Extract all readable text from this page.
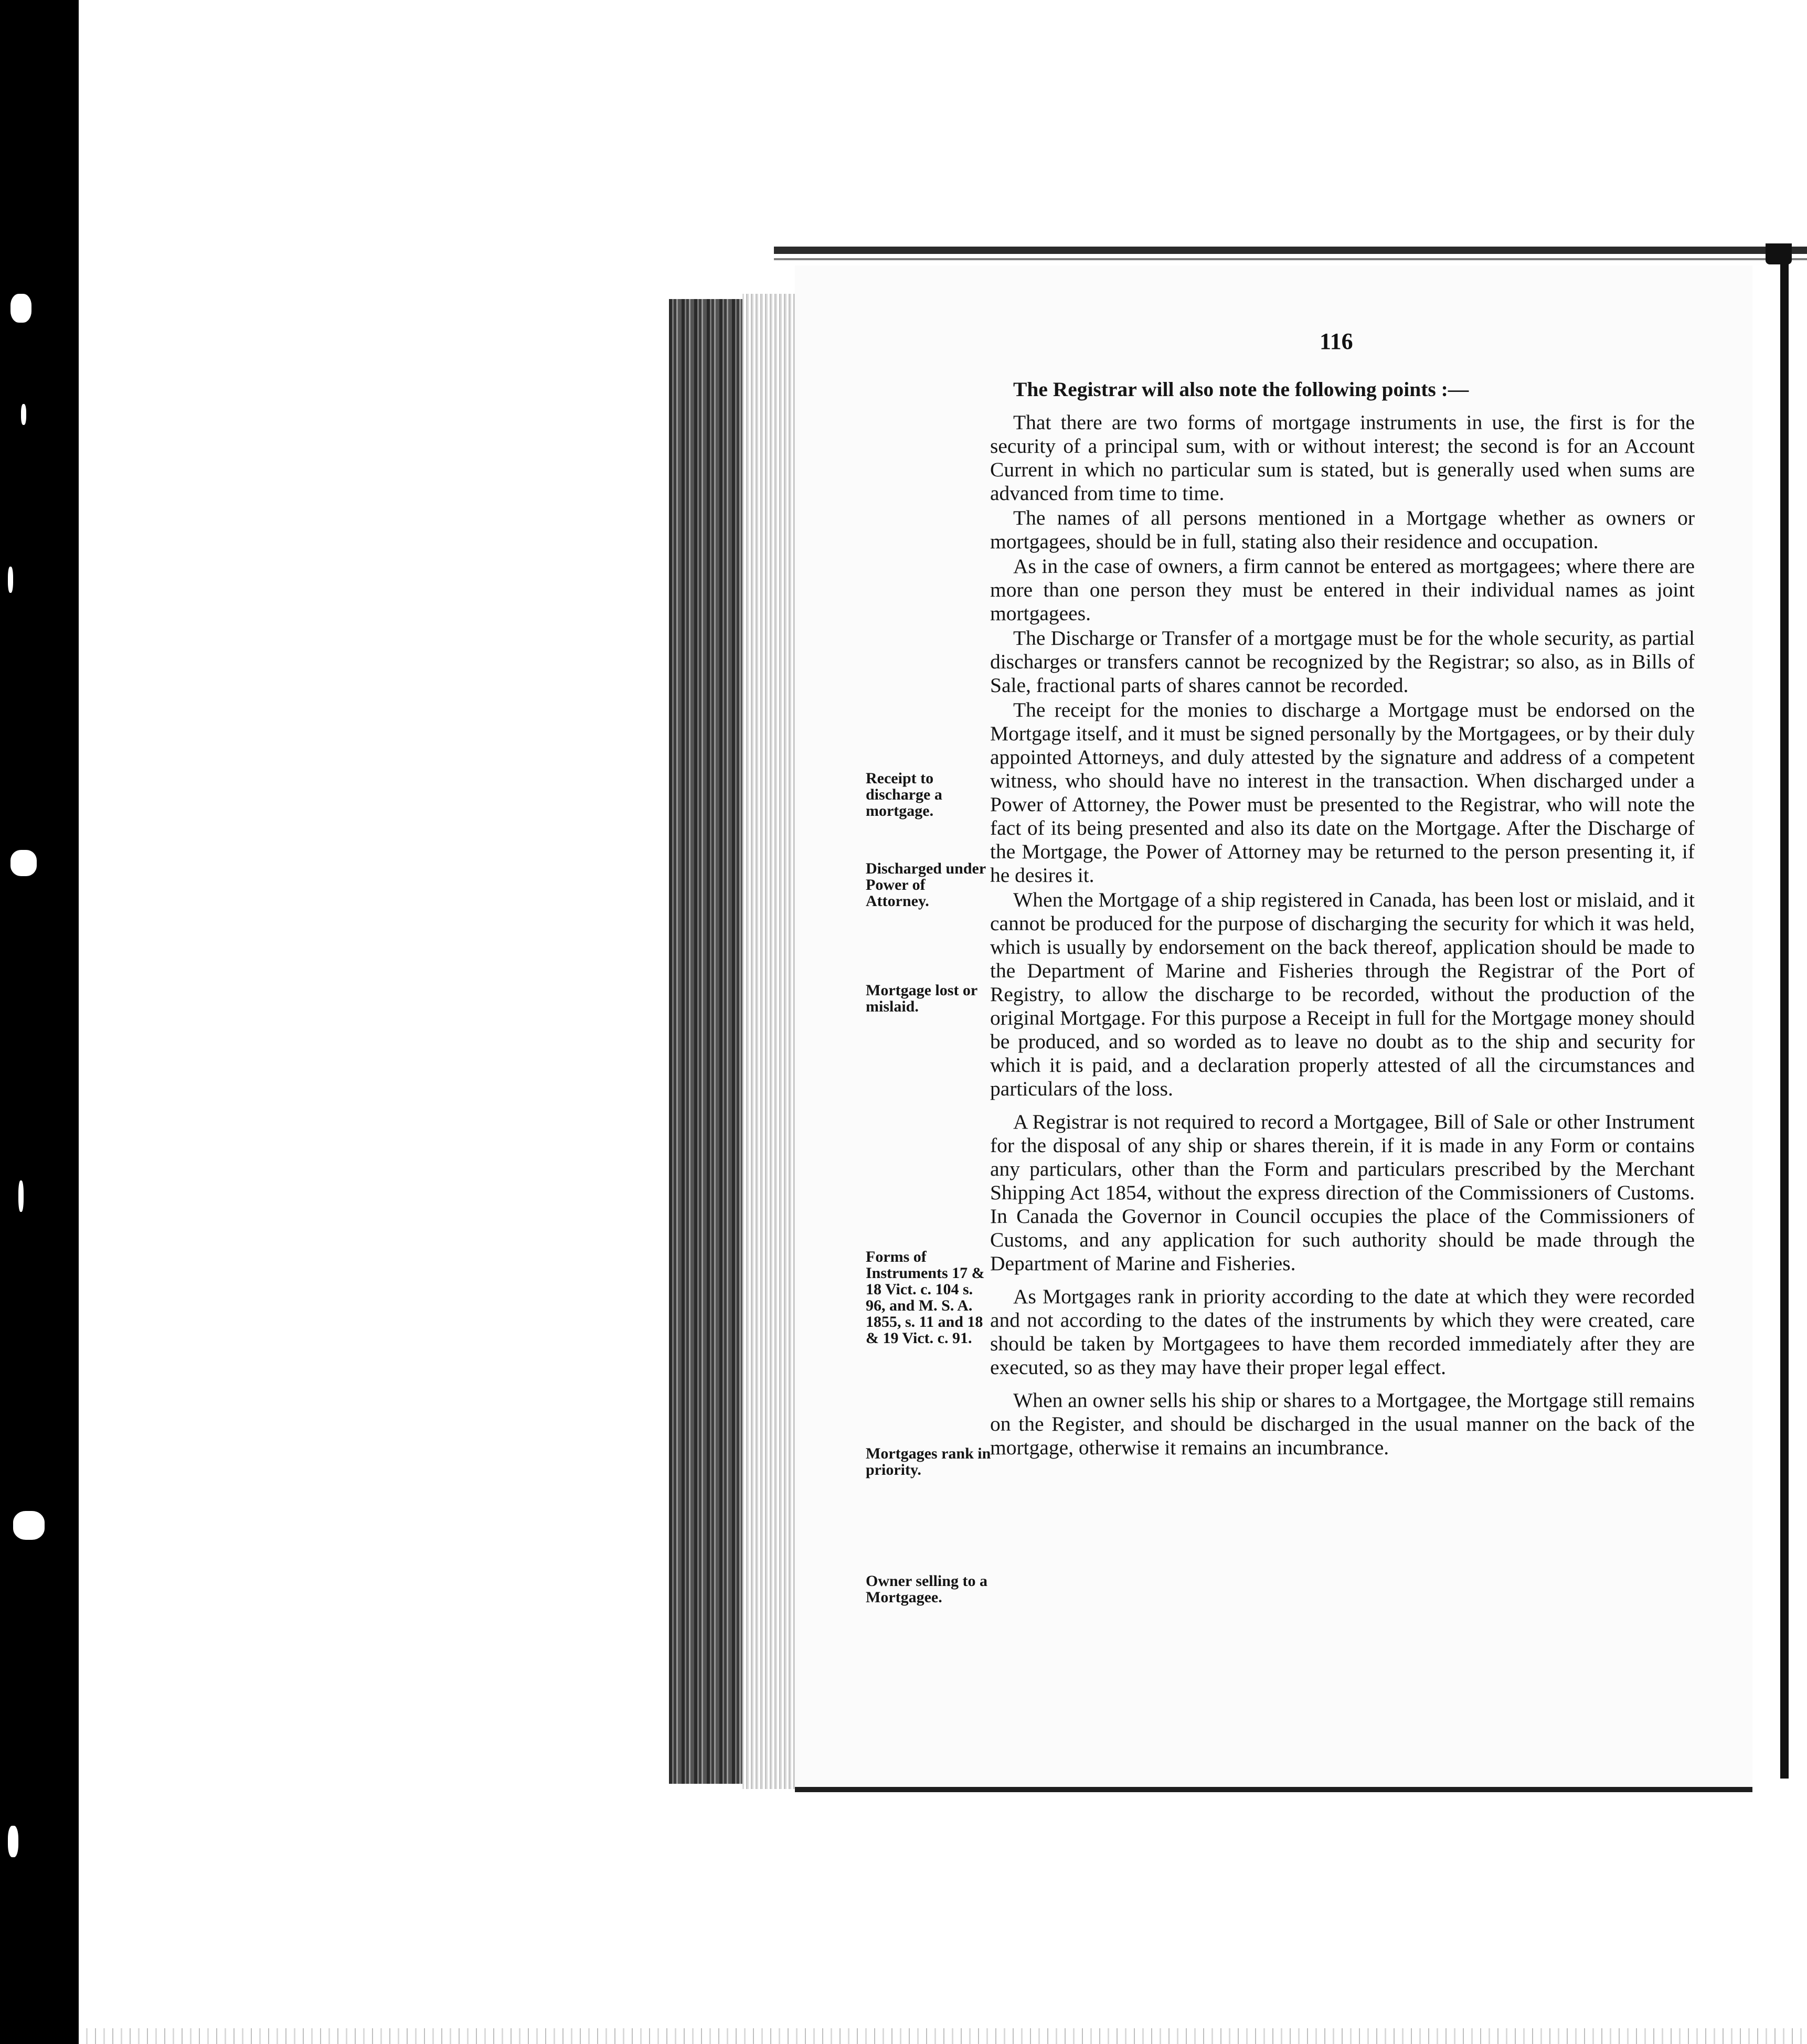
116

The Registrar will also note the following points :—

That there are two forms of mortgage instruments in use, the first is for the security of a principal sum, with or without interest; the second is for an Account Current in which no particular sum is stated, but is generally used when sums are advanced from time to time.

The names of all persons mentioned in a Mortgage whether as owners or mortgagees, should be in full, stating also their residence and occupation.

As in the case of owners, a firm cannot be entered as mortgagees; where there are more than one person they must be entered in their individual names as joint mortgagees.

The Discharge or Transfer of a mortgage must be for the whole security, as partial discharges or transfers cannot be recognized by the Registrar; so also, as in Bills of Sale, fractional parts of shares cannot be recorded.

The receipt for the monies to discharge a Mortgage must be endorsed on the Mortgage itself, and it must be signed personally by the Mortgagees, or by their duly appointed Attorneys, and duly attested by the signature and address of a competent witness, who should have no interest in the transaction. When discharged under a Power of Attorney, the Power must be presented to the Registrar, who will note the fact of its being presented and also its date on the Mortgage. After the Discharge of the Mortgage, the Power of Attorney may be returned to the person presenting it, if he desires it.

When the Mortgage of a ship registered in Canada, has been lost or mislaid, and it cannot be produced for the purpose of discharging the security for which it was held, which is usually by endorsement on the back thereof, application should be made to the Department of Marine and Fisheries through the Registrar of the Port of Registry, to allow the discharge to be recorded, without the production of the original Mortgage. For this purpose a Receipt in full for the Mortgage money should be produced, and so worded as to leave no doubt as to the ship and security for which it is paid, and a declaration properly attested of all the circumstances and particulars of the loss.

A Registrar is not required to record a Mortgagee, Bill of Sale or other Instrument for the disposal of any ship or shares therein, if it is made in any Form or contains any particulars, other than the Form and particulars prescribed by the Merchant Shipping Act 1854, without the express direction of the Commissioners of Customs. In Canada the Governor in Council occupies the place of the Commissioners of Customs, and any application for such authority should be made through the Department of Marine and Fisheries.

As Mortgages rank in priority according to the date at which they were recorded and not according to the dates of the instruments by which they were created, care should be taken by Mortgagees to have them recorded immediately after they are executed, so as they may have their proper legal effect.

When an owner sells his ship or shares to a Mortgagee, the Mortgage still remains on the Register, and should be discharged in the usual manner on the back of the mortgage, otherwise it remains an incumbrance.

Receipt to discharge a mortgage.
Discharged under Power of Attorney.
Mortgage lost or mislaid.
Forms of Instruments 17 & 18 Vict. c. 104 s. 96, and M. S. A. 1855, s. 11 and 18 & 19 Vict. c. 91.
Mortgages rank in priority.
Owner selling to a Mortgagee.
